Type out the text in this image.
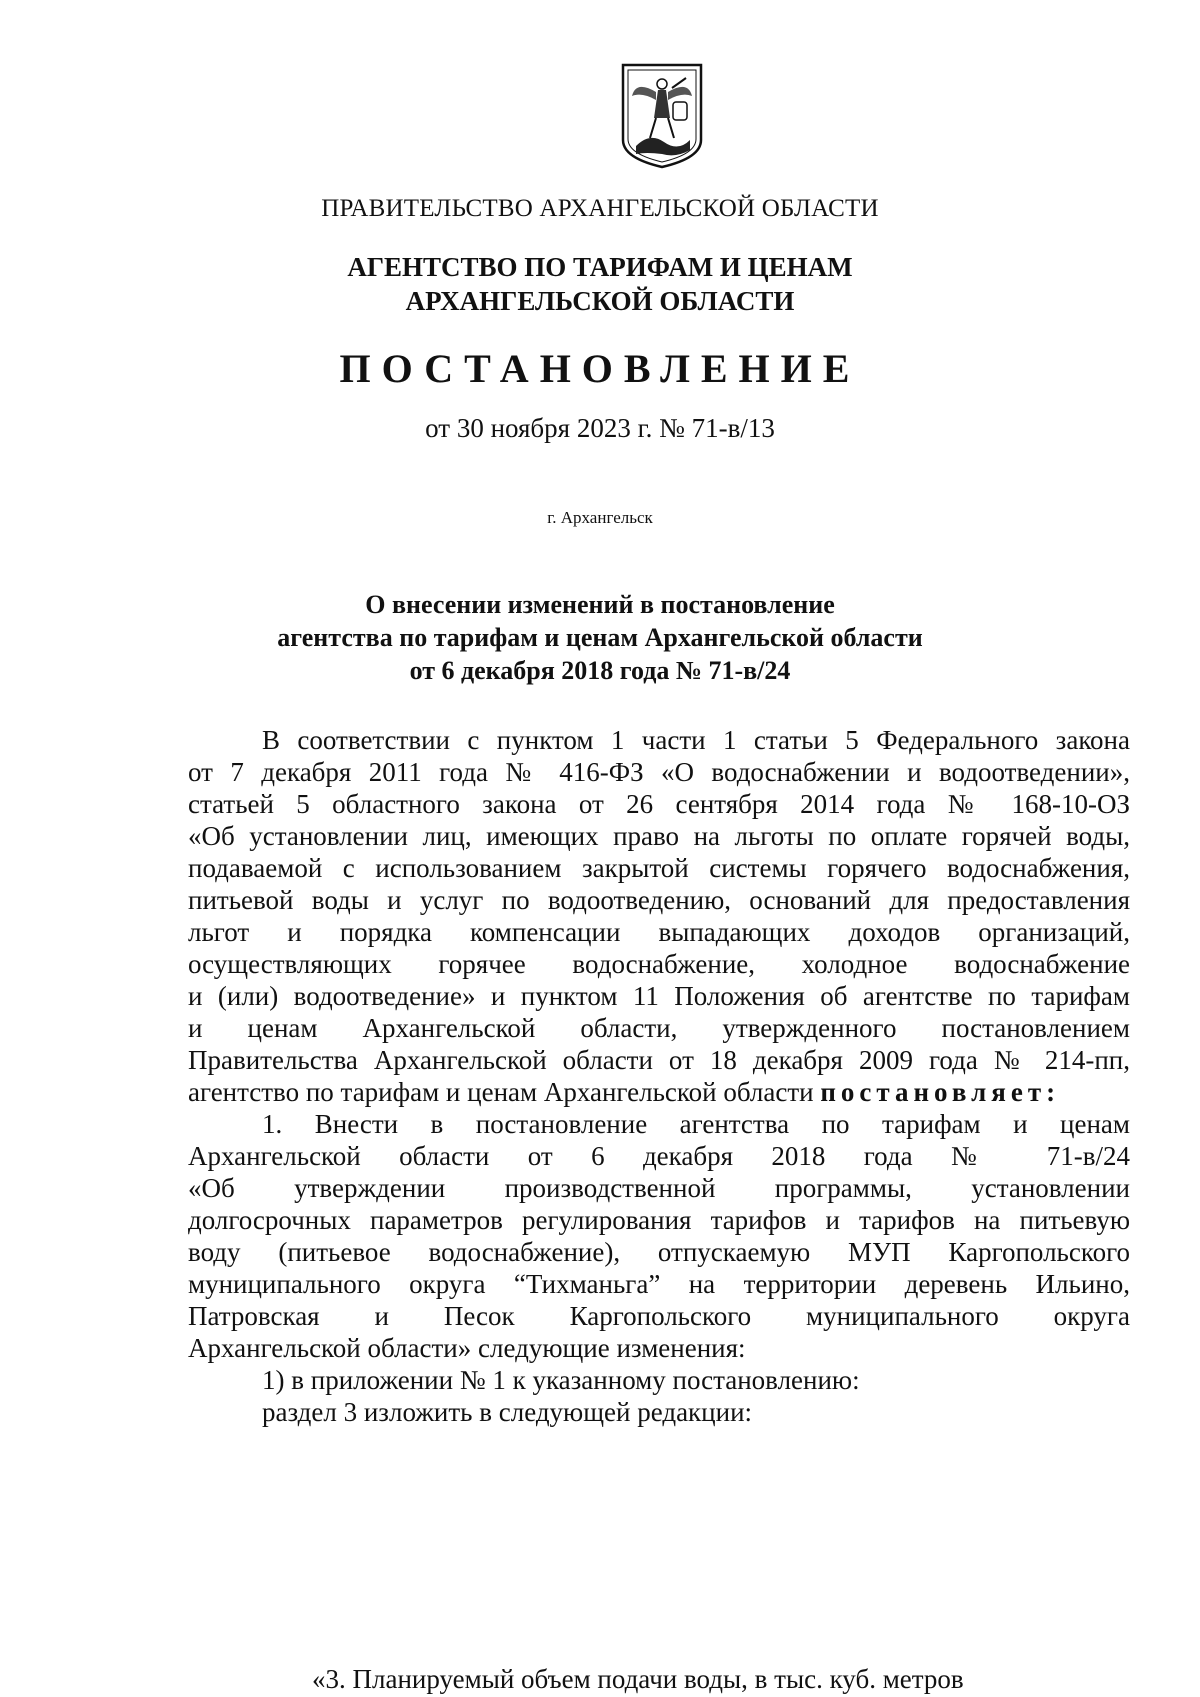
ПРАВИТЕЛЬСТВО АРХАНГЕЛЬСКОЙ ОБЛАСТИ
АГЕНТСТВО ПО ТАРИФАМ И ЦЕНАМ
АРХАНГЕЛЬСКОЙ ОБЛАСТИ
ПОСТАНОВЛЕНИЕ
от 30 ноября 2023 г. № 71-в/13
г. Архангельск
О внесении изменений в постановление
агентства по тарифам и ценам Архангельской области
от 6 декабря 2018 года № 71-в/24
В соответствии с пунктом 1 части 1 статьи 5 Федерального закона
от 7 декабря 2011 года № 416-ФЗ «О водоснабжении и водоотведении»,
статьей 5 областного закона от 26 сентября 2014 года № 168-10-ОЗ
«Об установлении лиц, имеющих право на льготы по оплате горячей воды,
подаваемой с использованием закрытой системы горячего водоснабжения,
питьевой воды и услуг по водоотведению, оснований для предоставления
льгот и порядка компенсации выпадающих доходов организаций,
осуществляющих горячее водоснабжение, холодное водоснабжение
и (или) водоотведение» и пунктом 11 Положения об агентстве по тарифам
и ценам Архангельской области, утвержденного постановлением
Правительства Архангельской области от 18 декабря 2009 года № 214-пп,
агентство по тарифам и ценам Архангельской области постановляет:
1. Внести в постановление агентства по тарифам и ценам
Архангельской области от 6 декабря 2018 года № 71-в/24
«Об утверждении производственной программы, установлении
долгосрочных параметров регулирования тарифов и тарифов на питьевую
воду (питьевое водоснабжение), отпускаемую МУП Каргопольского
муниципального округа “Тихманьга” на территории деревень Ильино,
Патровская и Песок Каргопольского муниципального округа
Архангельской области» следующие изменения:
1) в приложении № 1 к указанному постановлению:
раздел 3 изложить в следующей редакции:
«3. Планируемый объем подачи воды, в тыс. куб. метров
